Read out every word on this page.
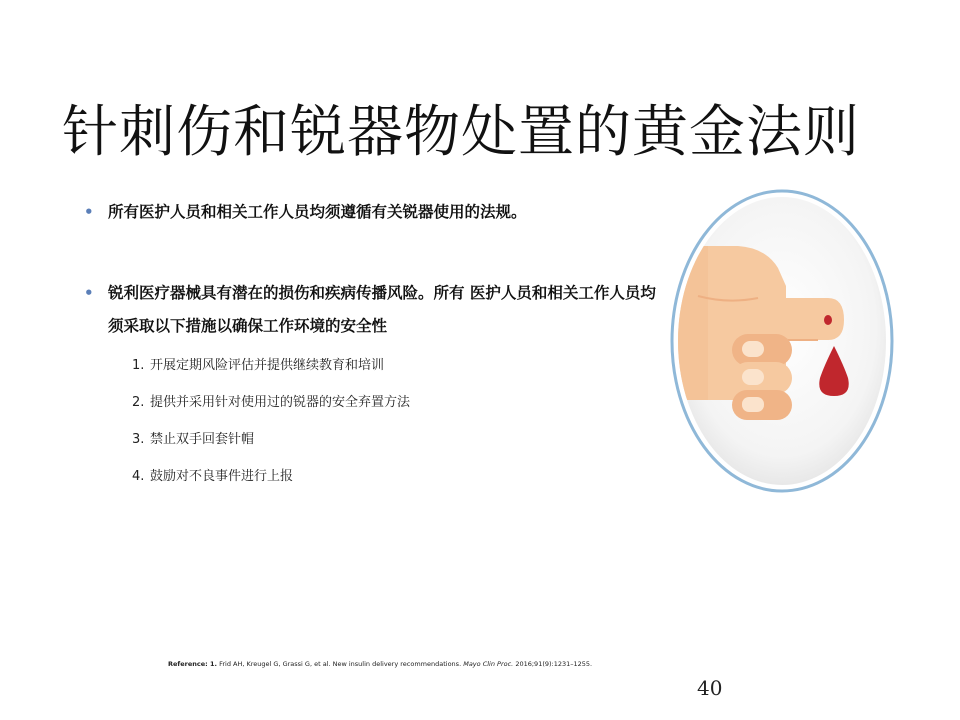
针刺伤和锐器物处置的黄金法则
• 所有医护人员和相关工作人员均须遵循有关锐器使用的法规。
• 锐利医疗器械具有潜在的损伤和疾病传播风险。所有 医护人员和相关工作人员均须采取以下措施以确保工作环境的安全性
1. 开展定期风险评估并提供继续教育和培训
2. 提供并采用针对使用过的锐器的安全弃置方法
3. 禁止双手回套针帽
4. 鼓励对不良事件进行上报
Reference: 1. Frid AH, Kreugel G, Grassi G, et al. New insulin delivery recommendations. Mayo Clin Proc. 2016;91(9):1231–1255.
40
